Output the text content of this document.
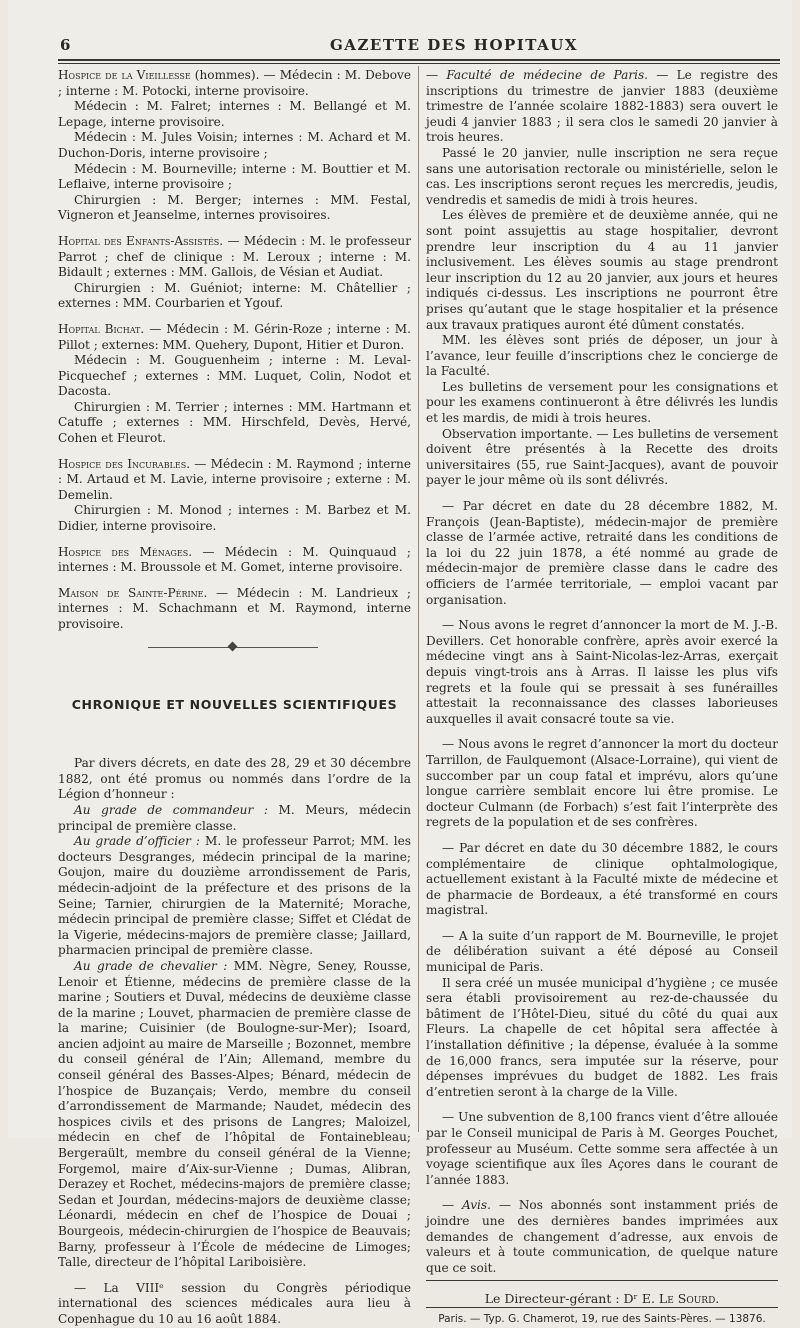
6	GAZETTE DES HOPITAUX

Hospice de la Vieillesse (hommes). — Médecin : M. Debove ; interne : M. Potocki, interne provisoire.

Médecin : M. Falret; internes : M. Bellangé et M. Lepage, interne provisoire.

Médecin : M. Jules Voisin; internes : M. Achard et M. Duchon-Doris, interne provisoire ;

Médecin : M. Bourneville; interne : M. Bouttier et M. Leflaive, interne provisoire ;

Chirurgien : M. Berger; internes : MM. Festal, Vigneron et Jeanselme, internes provisoires.

Hopital des Enfants-Assistés. — Médecin : M. le professeur Parrot ; chef de clinique : M. Leroux ; interne : M. Bidault ; externes : MM. Gallois, de Vésian et Audiat.

Chirurgien : M. Guéniot; interne: M. Châtellier ; externes : MM. Courbarien et Ygouf.

Hopital Bichat. — Médecin : M. Gérin-Roze ; interne : M. Pillot ; externes: MM. Quehery, Dupont, Hitier et Duron.

Médecin : M. Gouguenheim ; interne : M. Leval-Picquechef ; externes : MM. Luquet, Colin, Nodot et Dacosta.

Chirurgien : M. Terrier ; internes : MM. Hartmann et Catuffe ; externes : MM. Hirschfeld, Devès, Hervé, Cohen et Fleurot.

Hospice des Incurables. — Médecin : M. Raymond ; interne : M. Artaud et M. Lavie, interne provisoire ; externe : M. Demelin.

Chirurgien : M. Monod ; internes : M. Barbez et M. Didier, interne provisoire.

Hospice des Ménages. — Médecin : M. Quinquaud ; internes : M. Broussole et M. Gomet, interne provisoire.

Maison de Sainte-Périne. — Médecin : M. Landrieux ; internes : M. Schachmann et M. Raymond, interne provisoire.

CHRONIQUE ET NOUVELLES SCIENTIFIQUES

Par divers décrets, en date des 28, 29 et 30 décembre 1882, ont été promus ou nommés dans l’ordre de la Légion d’honneur :

Au grade de commandeur : M. Meurs, médecin principal de première classe.

Au grade d’officier : M. le professeur Parrot; MM. les docteurs Desgranges, médecin principal de la marine; Goujon, maire du douzième arrondissement de Paris, médecin-adjoint de la préfecture et des prisons de la Seine; Tarnier, chirurgien de la Maternité; Morache, médecin principal de première classe; Siffet et Clédat de la Vigerie, médecins-majors de première classe; Jaillard, pharmacien principal de première classe.

Au grade de chevalier : MM. Nègre, Seney, Rousse, Lenoir et Étienne, médecins de première classe de la marine ; Soutiers et Duval, médecins de deuxième classe de la marine ; Louvet, pharmacien de première classe de la marine; Cuisinier (de Boulogne-sur-Mer); Isoard, ancien adjoint au maire de Marseille ; Bozonnet, membre du conseil général de l’Ain; Allemand, membre du conseil général des Basses-Alpes; Bénard, médecin de l’hospice de Buzançais; Verdo, membre du conseil d’arrondissement de Marmande; Naudet, médecin des hospices civils et des prisons de Langres; Maloizel, médecin en chef de l’hôpital de Fontainebleau; Bergeraült, membre du conseil général de la Vienne; Forgemol, maire d’Aix-sur-Vienne ; Dumas, Alibran, Derazey et Rochet, médecins-majors de première classe; Sedan et Jourdan, médecins-majors de deuxième classe; Léonardi, médecin en chef de l’hospice de Douai ; Bourgeois, médecin-chirurgien de l’hospice de Beauvais; Barny, professeur à l’École de médecine de Limoges; Talle, directeur de l’hôpital Lariboisière.

— La VIIIᵉ session du Congrès périodique international des sciences médicales aura lieu à Copenhague du 10 au 16 août 1884.

— Faculté de médecine de Paris. — Le registre des inscriptions du trimestre de janvier 1883 (deuxième trimestre de l’année scolaire 1882-1883) sera ouvert le jeudi 4 janvier 1883 ; il sera clos le samedi 20 janvier à trois heures.

Passé le 20 janvier, nulle inscription ne sera reçue sans une autorisation rectorale ou ministérielle, selon le cas. Les inscriptions seront reçues les mercredis, jeudis, vendredis et samedis de midi à trois heures.

Les élèves de première et de deuxième année, qui ne sont point assujettis au stage hospitalier, devront prendre leur inscription du 4 au 11 janvier inclusivement. Les élèves soumis au stage prendront leur inscription du 12 au 20 janvier, aux jours et heures indiqués ci-dessus. Les inscriptions ne pourront être prises qu’autant que le stage hospitalier et la présence aux travaux pratiques auront été dûment constatés.

MM. les élèves sont priés de déposer, un jour à l’avance, leur feuille d’inscriptions chez le concierge de la Faculté.

Les bulletins de versement pour les consignations et pour les examens continueront à être délivrés les lundis et les mardis, de midi à trois heures.

Observation importante. — Les bulletins de versement doivent être présentés à la Recette des droits universitaires (55, rue Saint-Jacques), avant de pouvoir payer le jour même où ils sont délivrés.

— Par décret en date du 28 décembre 1882, M. François (Jean-Baptiste), médecin-major de première classe de l’armée active, retraité dans les conditions de la loi du 22 juin 1878, a été nommé au grade de médecin-major de première classe dans le cadre des officiers de l’armée territoriale, — emploi vacant par organisation.

— Nous avons le regret d’annoncer la mort de M. J.-B. Devillers. Cet honorable confrère, après avoir exercé la médecine vingt ans à Saint-Nicolas-lez-Arras, exerçait depuis vingt-trois ans à Arras. Il laisse les plus vifs regrets et la foule qui se pressait à ses funérailles attestait la reconnaissance des classes laborieuses auxquelles il avait consacré toute sa vie.

— Nous avons le regret d’annoncer la mort du docteur Tarrillon, de Faulquemont (Alsace-Lorraine), qui vient de succomber par un coup fatal et imprévu, alors qu’une longue carrière semblait encore lui être promise. Le docteur Culmann (de Forbach) s’est fait l’interprète des regrets de la population et de ses confrères.

— Par décret en date du 30 décembre 1882, le cours complémentaire de clinique ophtalmologique, actuellement existant à la Faculté mixte de médecine et de pharmacie de Bordeaux, a été transformé en cours magistral.

— A la suite d’un rapport de M. Bourneville, le projet de délibération suivant a été déposé au Conseil municipal de Paris.

Il sera créé un musée municipal d’hygiène ; ce musée sera établi provisoirement au rez-de-chaussée du bâtiment de l’Hôtel-Dieu, situé du côté du quai aux Fleurs. La chapelle de cet hôpital sera affectée à l’installation définitive ; la dépense, évaluée à la somme de 16,000 francs, sera imputée sur la réserve, pour dépenses imprévues du budget de 1882. Les frais d’entretien seront à la charge de la Ville.

— Une subvention de 8,100 francs vient d’être allouée par le Conseil municipal de Paris à M. Georges Pouchet, professeur au Muséum. Cette somme sera affectée à un voyage scientifique aux îles Açores dans le courant de l’année 1883.

— Avis. — Nos abonnés sont instamment priés de joindre une des dernières bandes imprimées aux demandes de changement d’adresse, aux envois de valeurs et à toute communication, de quelque nature que ce soit.

Le Directeur-gérant : Dʳ E. Le Sourd.
Paris. — Typ. G. Chamerot, 19, rue des Saints-Pères. — 13876.
